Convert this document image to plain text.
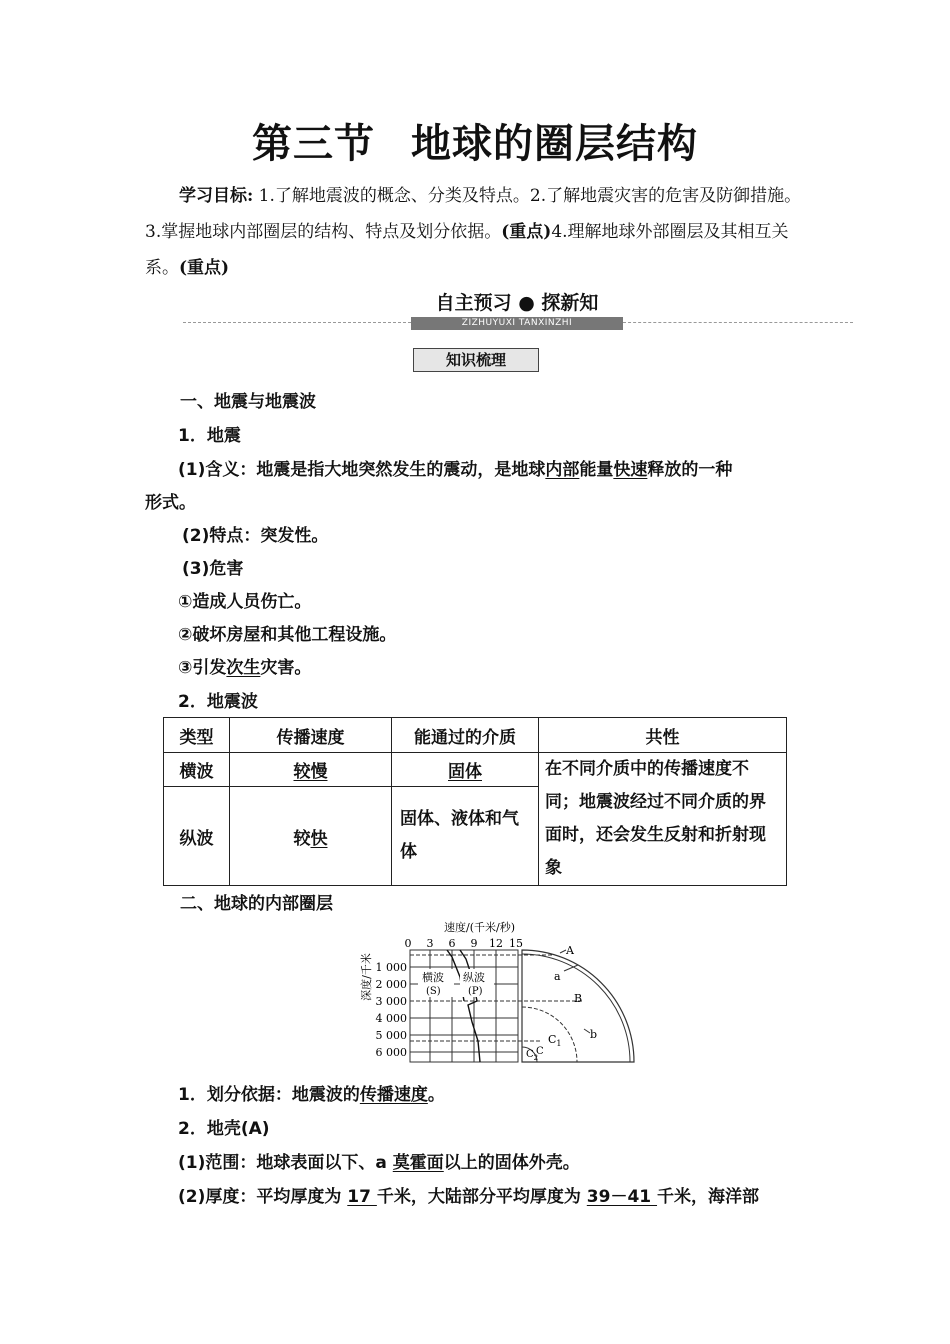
第三节 地球的圈层结构
学习目标: 1.了解地震波的概念、分类及特点。2.了解地震灾害的危害及防御措施。3.掌握地球内部圈层的结构、特点及划分依据。(重点)4.理解地球外部圈层及其相互关系。(重点)
自主预习 ● 探新知
ZIZHUYUXI TANXINZHI
知识梳理
一、地震与地震波
1．地震
(1)含义：地震是指大地突然发生的震动，是地球内部能量快速释放的一种
形式。
(2)特点：突发性。
(3)危害
①造成人员伤亡。
②破坏房屋和其他工程设施。
③引发次生灾害。
2．地震波
类型	传播速度	能通过的介质	共性
横波	较慢	固体	在不同介质中的传播速度不同；地震波经过不同介质的界面时，还会发生反射和折射现象
纵波	较快	固体、液体和气体	
二、地球的内部圈层
速度/(千米/秒)
0 3 6 9 12 15
深度/千米 1 000
2 000
3 000
4 000
5 000
6 000
横波
(S)
纵波
(P)
A
a
B
b
$C_1$
$C_2$
C
1．划分依据：地震波的传播速度。
2．地壳(A)
(1)范围：地球表面以下、a 莫霍面以上的固体外壳。
(2)厚度：平均厚度为 17 千米，大陆部分平均厚度为 39－41 千米，海洋部
